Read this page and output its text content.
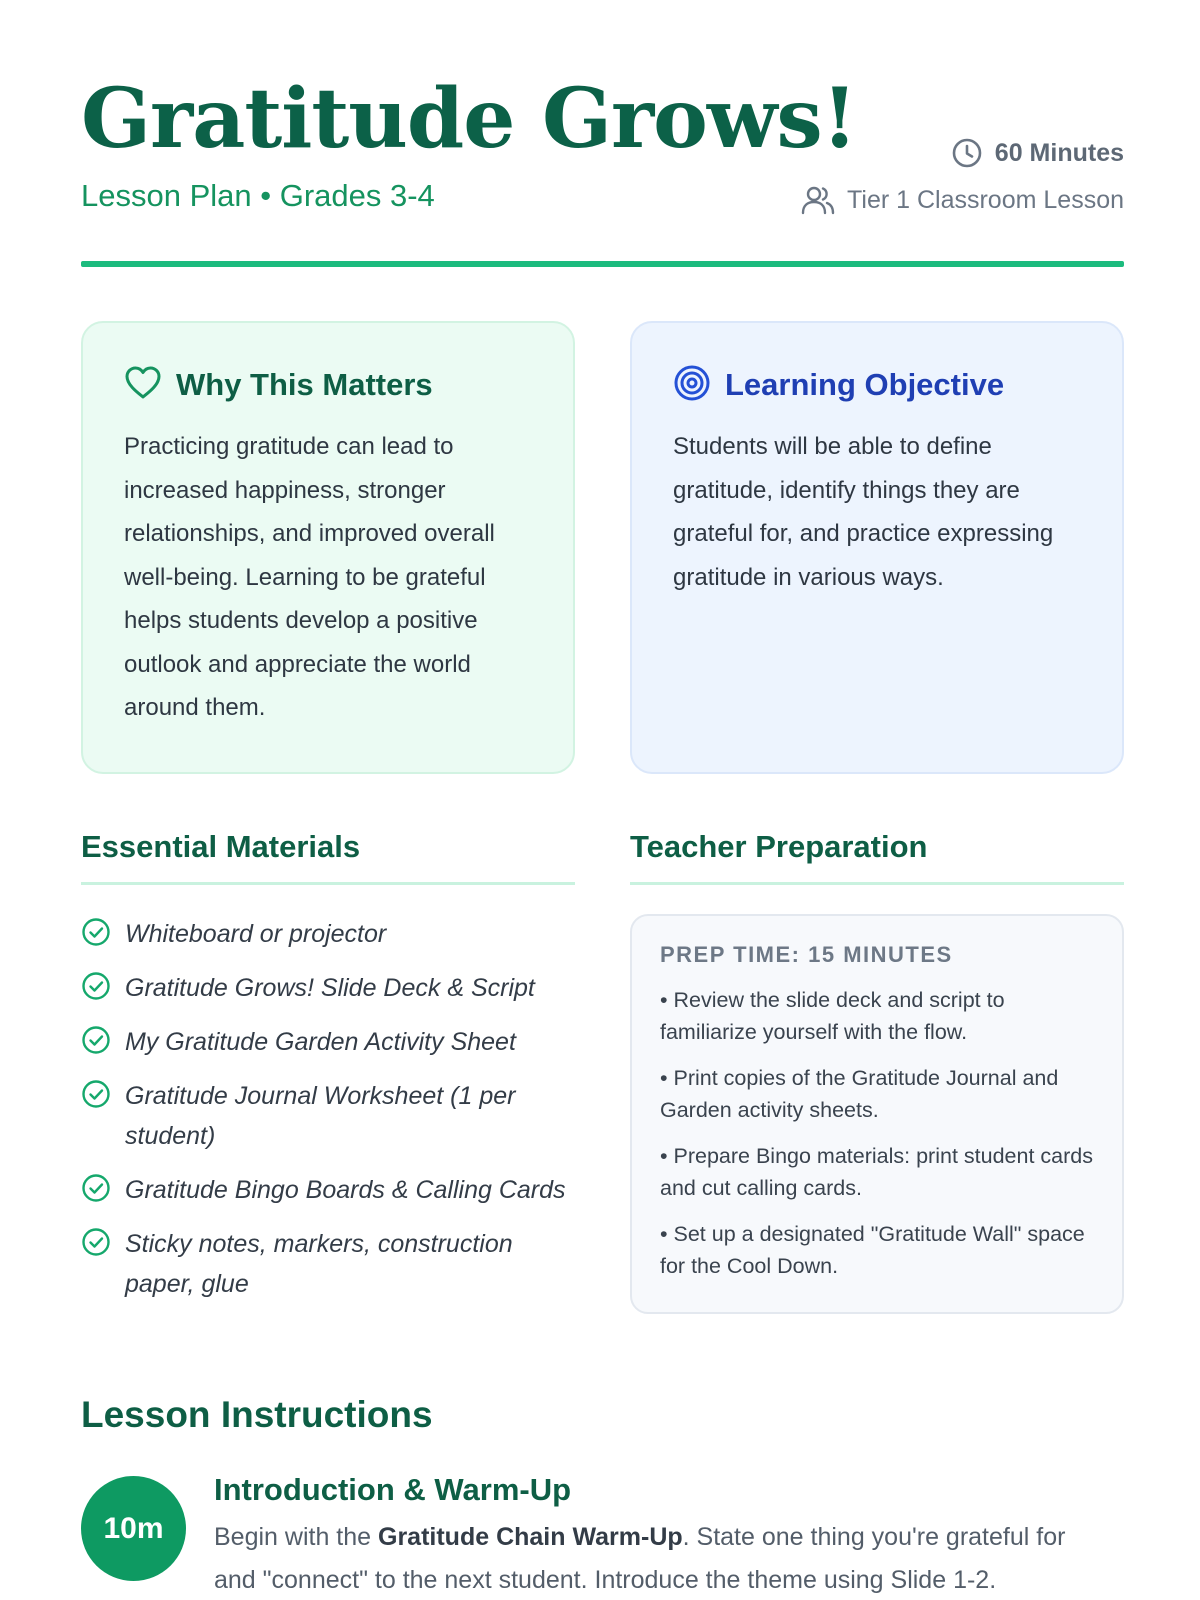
Gratitude Grows!
Lesson Plan • Grades 3-4
60 Minutes
Tier 1 Classroom Lesson
Why This Matters

Practicing gratitude can lead to increased happiness, stronger relationships, and improved overall well-being. Learning to be grateful helps students develop a positive outlook and appreciate the world around them.

Learning Objective

Students will be able to define gratitude, identify things they are grateful for, and practice expressing gratitude in various ways.

Essential Materials
Whiteboard or projector
Gratitude Grows! Slide Deck & Script
My Gratitude Garden Activity Sheet
Gratitude Journal Worksheet (1 per student)
Gratitude Bingo Boards & Calling Cards
Sticky notes, markers, construction paper, glue
Teacher Preparation
PREP TIME: 15 MINUTES
• Review the slide deck and script to familiarize yourself with the flow.
• Print copies of the Gratitude Journal and Garden activity sheets.
• Prepare Bingo materials: print student cards and cut calling cards.
• Set up a designated "Gratitude Wall" space for the Cool Down.
Lesson Instructions
10m
Introduction & Warm-Up
Begin with the Gratitude Chain Warm-Up. State one thing you're grateful for and "connect" to the next student. Introduce the theme using Slide 1-2.
